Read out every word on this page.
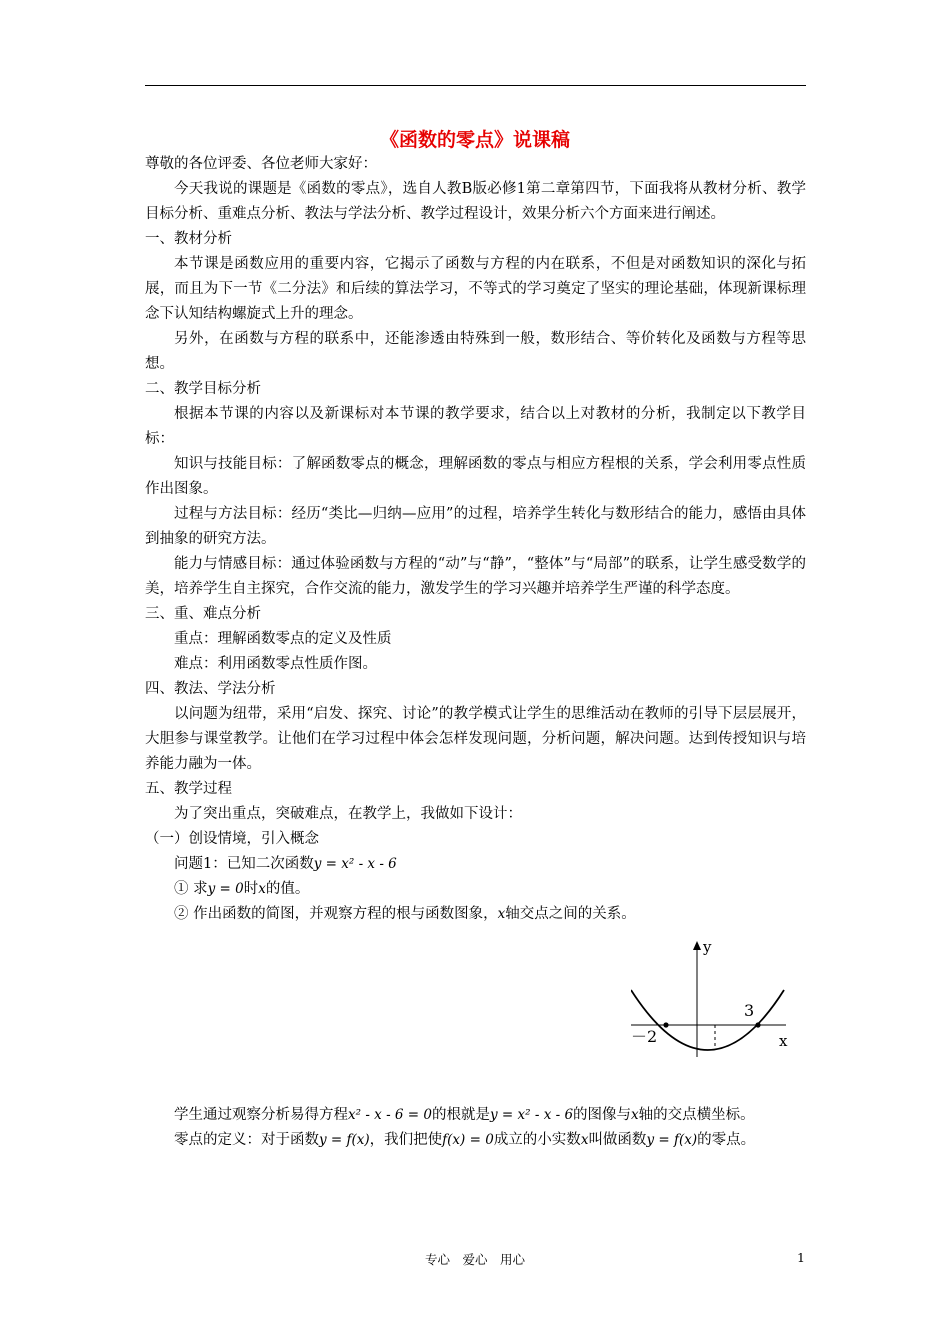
《函数的零点》说课稿

尊敬的各位评委、各位老师大家好：

今天我说的课题是《函数的零点》，选自人教B版必修1第二章第四节，下面我将从教材分析、教学目标分析、重难点分析、教法与学法分析、教学过程设计，效果分析六个方面来进行阐述。

一、教材分析

本节课是函数应用的重要内容，它揭示了函数与方程的内在联系，不但是对函数知识的深化与拓展，而且为下一节《二分法》和后续的算法学习，不等式的学习奠定了坚实的理论基础，体现新课标理念下认知结构螺旋式上升的理念。

另外，在函数与方程的联系中，还能渗透由特殊到一般，数形结合、等价转化及函数与方程等思想。

二、教学目标分析

根据本节课的内容以及新课标对本节课的教学要求，结合以上对教材的分析，我制定以下教学目标：

知识与技能目标：了解函数零点的概念，理解函数的零点与相应方程根的关系，学会利用零点性质作出图象。

过程与方法目标：经历“类比—归纳—应用”的过程，培养学生转化与数形结合的能力，感悟由具体到抽象的研究方法。

能力与情感目标：通过体验函数与方程的“动”与“静”，“整体”与“局部”的联系，让学生感受数学的美，培养学生自主探究，合作交流的能力，激发学生的学习兴趣并培养学生严谨的科学态度。

三、重、难点分析

重点：理解函数零点的定义及性质

难点：利用函数零点性质作图。

四、教法、学法分析

以问题为纽带，采用“启发、探究、讨论”的教学模式让学生的思维活动在教师的引导下层层展开，大胆参与课堂教学。让他们在学习过程中体会怎样发现问题，分析问题，解决问题。达到传授知识与培养能力融为一体。

五、教学过程

为了突出重点，突破难点，在教学上，我做如下设计：

（一）创设情境，引入概念

问题1：已知二次函数y = x² - x - 6

① 求y = 0时x的值。

② 作出函数的简图，并观察方程的根与函数图象，x轴交点之间的关系。

y
x
－2
3

学生通过观察分析易得方程x² - x - 6 = 0的根就是y = x² - x - 6的图像与x轴的交点横坐标。

零点的定义：对于函数y = f(x)，我们把使f(x) = 0成立的小实数x叫做函数y = f(x)的零点。

专心　爱心　用心	1
